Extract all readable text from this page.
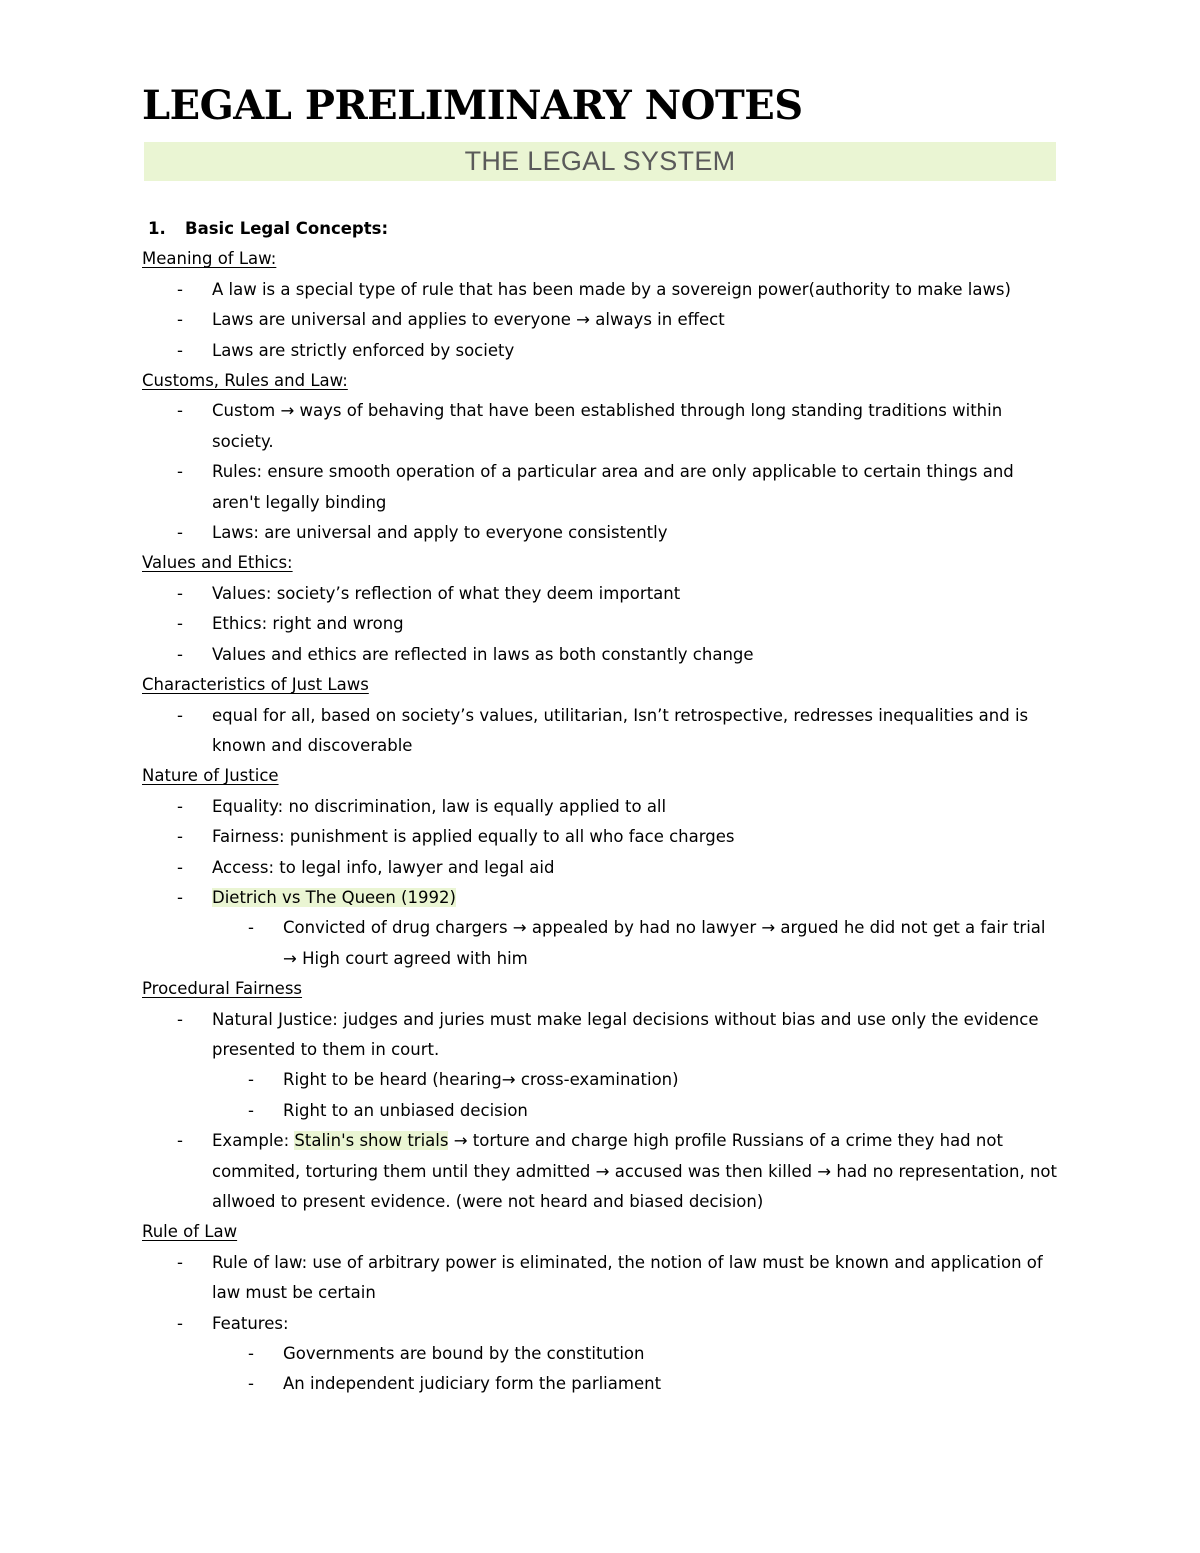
LEGAL PRELIMINARY NOTES
THE LEGAL SYSTEM
1. Basic Legal Concepts:
Meaning of Law:
- A law is a special type of rule that has been made by a sovereign power(authority to make laws)
- Laws are universal and applies to everyone → always in effect
- Laws are strictly enforced by society
Customs, Rules and Law:
- Custom → ways of behaving that have been established through long standing traditions within society.
- Rules: ensure smooth operation of a particular area and are only applicable to certain things and aren't legally binding
- Laws: are universal and apply to everyone consistently
Values and Ethics:
- Values: society’s reflection of what they deem important
- Ethics: right and wrong
- Values and ethics are reflected in laws as both constantly change
Characteristics of Just Laws
- equal for all, based on society’s values, utilitarian, Isn’t retrospective, redresses inequalities and is known and discoverable
Nature of Justice
- Equality: no discrimination, law is equally applied to all
- Fairness: punishment is applied equally to all who face charges
- Access: to legal info, lawyer and legal aid
- Dietrich vs The Queen (1992)
- Convicted of drug chargers → appealed by had no lawyer → argued he did not get a fair trial → High court agreed with him
Procedural Fairness
- Natural Justice: judges and juries must make legal decisions without bias and use only the evidence presented to them in court.
- Right to be heard (hearing→ cross-examination)
- Right to an unbiased decision
- Example: Stalin's show trials → torture and charge high profile Russians of a crime they had not commited, torturing them until they admitted → accused was then killed → had no representation, not allwoed to present evidence. (were not heard and biased decision)
Rule of Law
- Rule of law: use of arbitrary power is eliminated, the notion of law must be known and application of law must be certain
- Features:
- Governments are bound by the constitution
- An independent judiciary form the parliament
